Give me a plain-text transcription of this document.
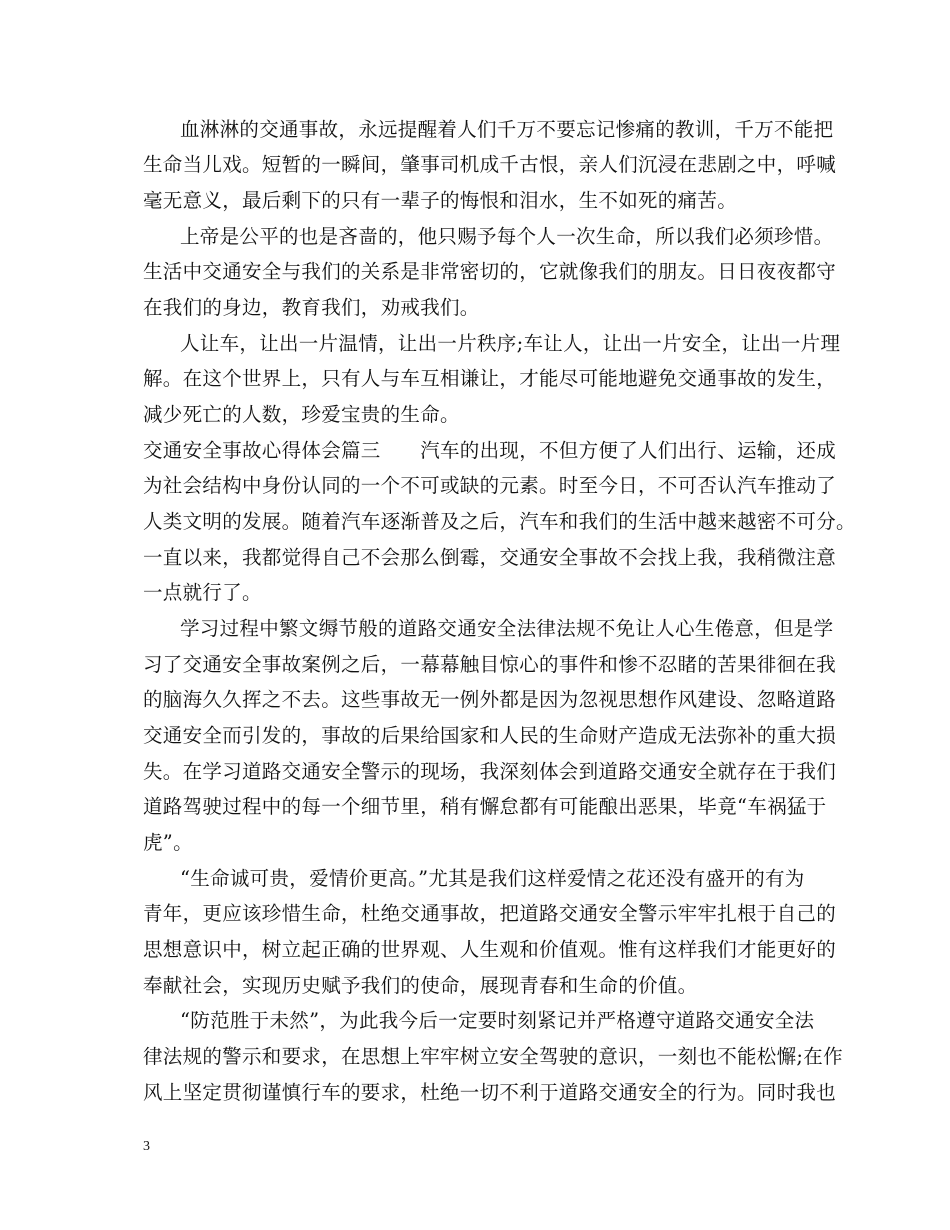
血淋淋的交通事故，永远提醒着人们千万不要忘记惨痛的教训，千万不能把
生命当儿戏。短暂的一瞬间，肇事司机成千古恨，亲人们沉浸在悲剧之中，呼喊
毫无意义，最后剩下的只有一辈子的悔恨和泪水，生不如死的痛苦。
上帝是公平的也是吝啬的，他只赐予每个人一次生命，所以我们必须珍惜。
生活中交通安全与我们的关系是非常密切的，它就像我们的朋友。日日夜夜都守
在我们的身边，教育我们，劝戒我们。
人让车，让出一片温情，让出一片秩序;车让人，让出一片安全，让出一片理
解。在这个世界上，只有人与车互相谦让，才能尽可能地避免交通事故的发生，
减少死亡的人数，珍爱宝贵的生命。
交通安全事故心得体会篇三　　汽车的出现，不但方便了人们出行、运输，还成
为社会结构中身份认同的一个不可或缺的元素。时至今日，不可否认汽车推动了
人类文明的发展。随着汽车逐渐普及之后，汽车和我们的生活中越来越密不可分。
一直以来，我都觉得自己不会那么倒霉，交通安全事故不会找上我，我稍微注意
一点就行了。
学习过程中繁文缛节般的道路交通安全法律法规不免让人心生倦意，但是学
习了交通安全事故案例之后，一幕幕触目惊心的事件和惨不忍睹的苦果徘徊在我
的脑海久久挥之不去。这些事故无一例外都是因为忽视思想作风建设、忽略道路
交通安全而引发的，事故的后果给国家和人民的生命财产造成无法弥补的重大损
失。在学习道路交通安全警示的现场，我深刻体会到道路交通安全就存在于我们
道路驾驶过程中的每一个细节里，稍有懈怠都有可能酿出恶果，毕竟“车祸猛于
虎”。
“生命诚可贵，爱情价更高。”尤其是我们这样爱情之花还没有盛开的有为
青年，更应该珍惜生命，杜绝交通事故，把道路交通安全警示牢牢扎根于自己的
思想意识中，树立起正确的世界观、人生观和价值观。惟有这样我们才能更好的
奉献社会，实现历史赋予我们的使命，展现青春和生命的价值。
“防范胜于未然”，为此我今后一定要时刻紧记并严格遵守道路交通安全法
律法规的警示和要求，在思想上牢牢树立安全驾驶的意识，一刻也不能松懈;在作
风上坚定贯彻谨慎行车的要求，杜绝一切不利于道路交通安全的行为。同时我也
3
